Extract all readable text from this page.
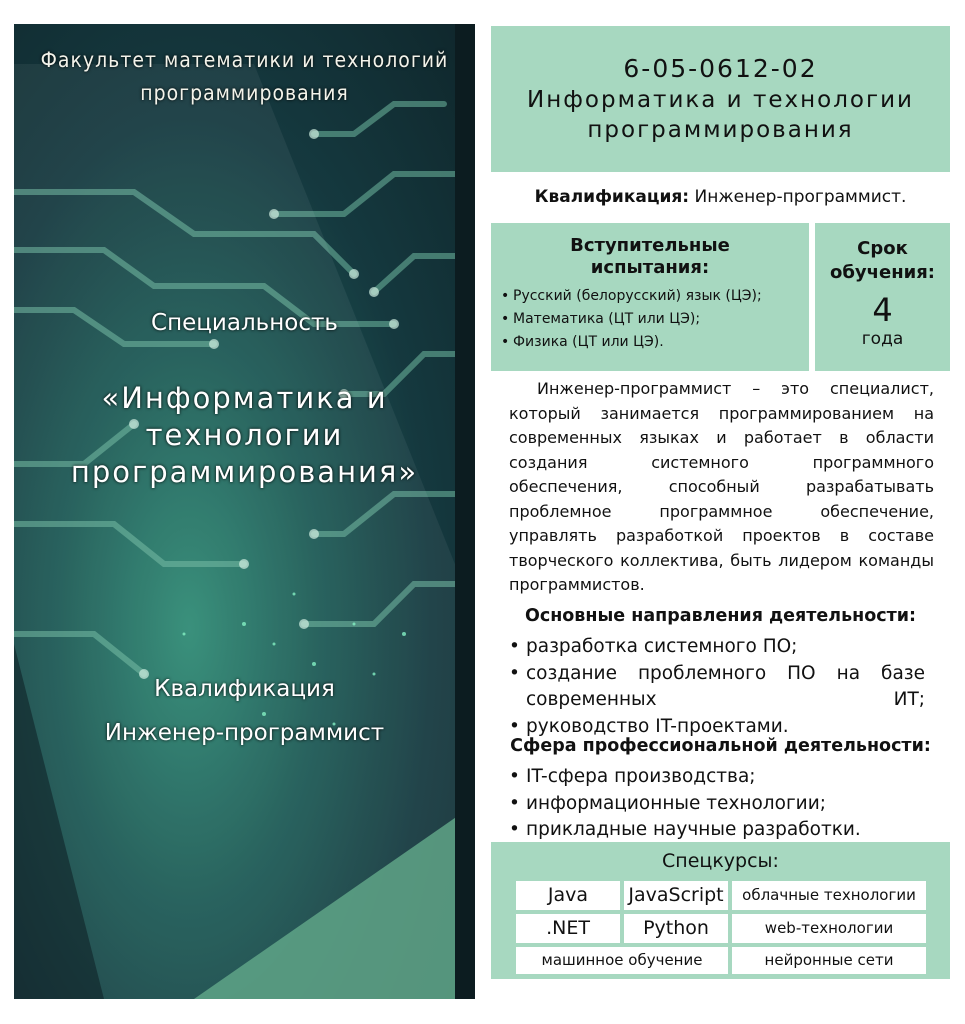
Факультет математики и технологий
программирования
Специальность
«Информатика и
технологии
программирования»
Квалификация
Инженер-программист
6-05-0612-02
Информатика и технологии
программирования
Квалификация: Инженер-программист.
Вступительные
испытания:
• Русский (белорусский) язык (ЦЭ);
• Математика (ЦТ или ЦЭ);
• Физика (ЦТ или ЦЭ).
Срок
обучения:
4
года
Инженер-программист – это специалист, который занимается программированием на современных языках и работает в области создания системного программного обеспечения, способный разрабатывать проблемное программное обеспечение, управлять разработкой проектов в составе творческого коллектива, быть лидером команды программистов.
Основные направления деятельности:
• разработка системного ПО;
• создание проблемного ПО на базе современных ИТ;
• руководство IT-проектами.
Сфера профессиональной деятельности:
• IT-сфера производства;
• информационные технологии;
• прикладные научные разработки.
Спецкурсы:
Java	JavaScript	облачные технологии
.NET	Python	web-технологии
машинное обучение	нейронные сети
